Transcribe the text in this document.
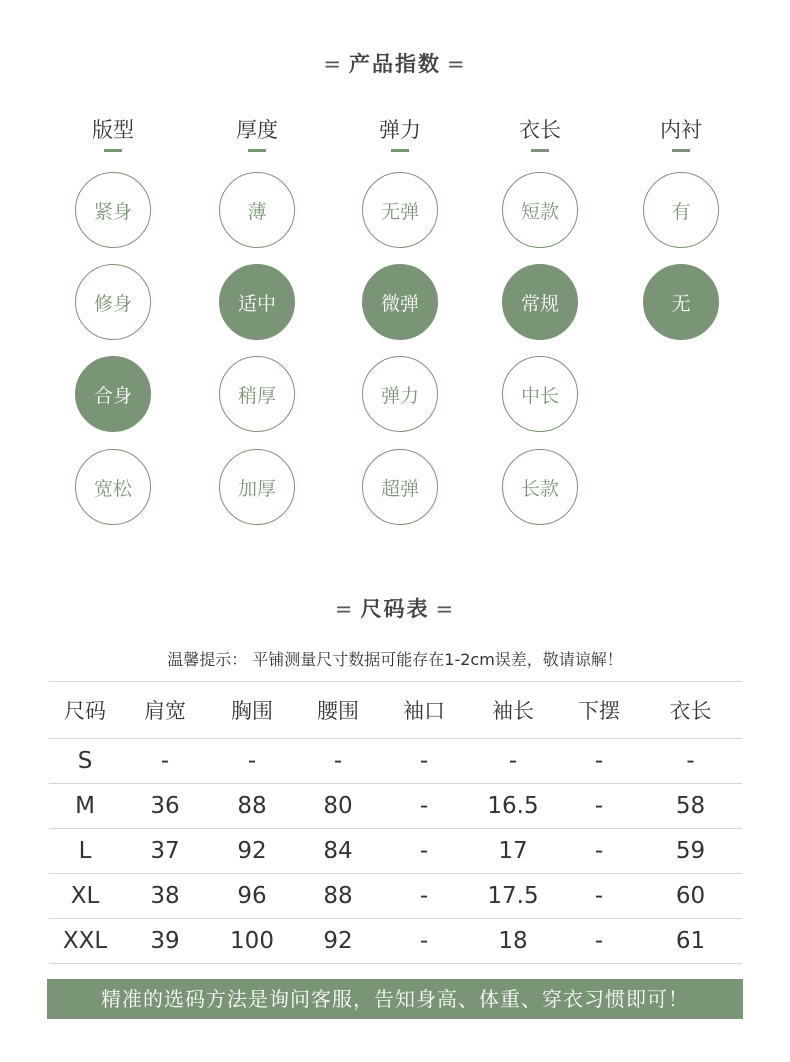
= 产品指数 =
版型
紧身
修身
合身
宽松
厚度
薄
适中
稍厚
加厚
弹力
无弹
微弹
弹力
超弹
衣长
短款
常规
中长
长款
内衬
有
无
= 尺码表 =
温馨提示： 平铺测量尺寸数据可能存在1-2cm误差，敬请谅解！
尺码	肩宽	胸围	腰围	袖口	袖长	下摆	衣长
S	-	-	-	-	-	-	-
M	36	88	80	-	16.5	-	58
L	37	92	84	-	17	-	59
XL	38	96	88	-	17.5	-	60
XXL	39	100	92	-	18	-	61
精准的选码方法是询问客服，告知身高、体重、穿衣习惯即可！
